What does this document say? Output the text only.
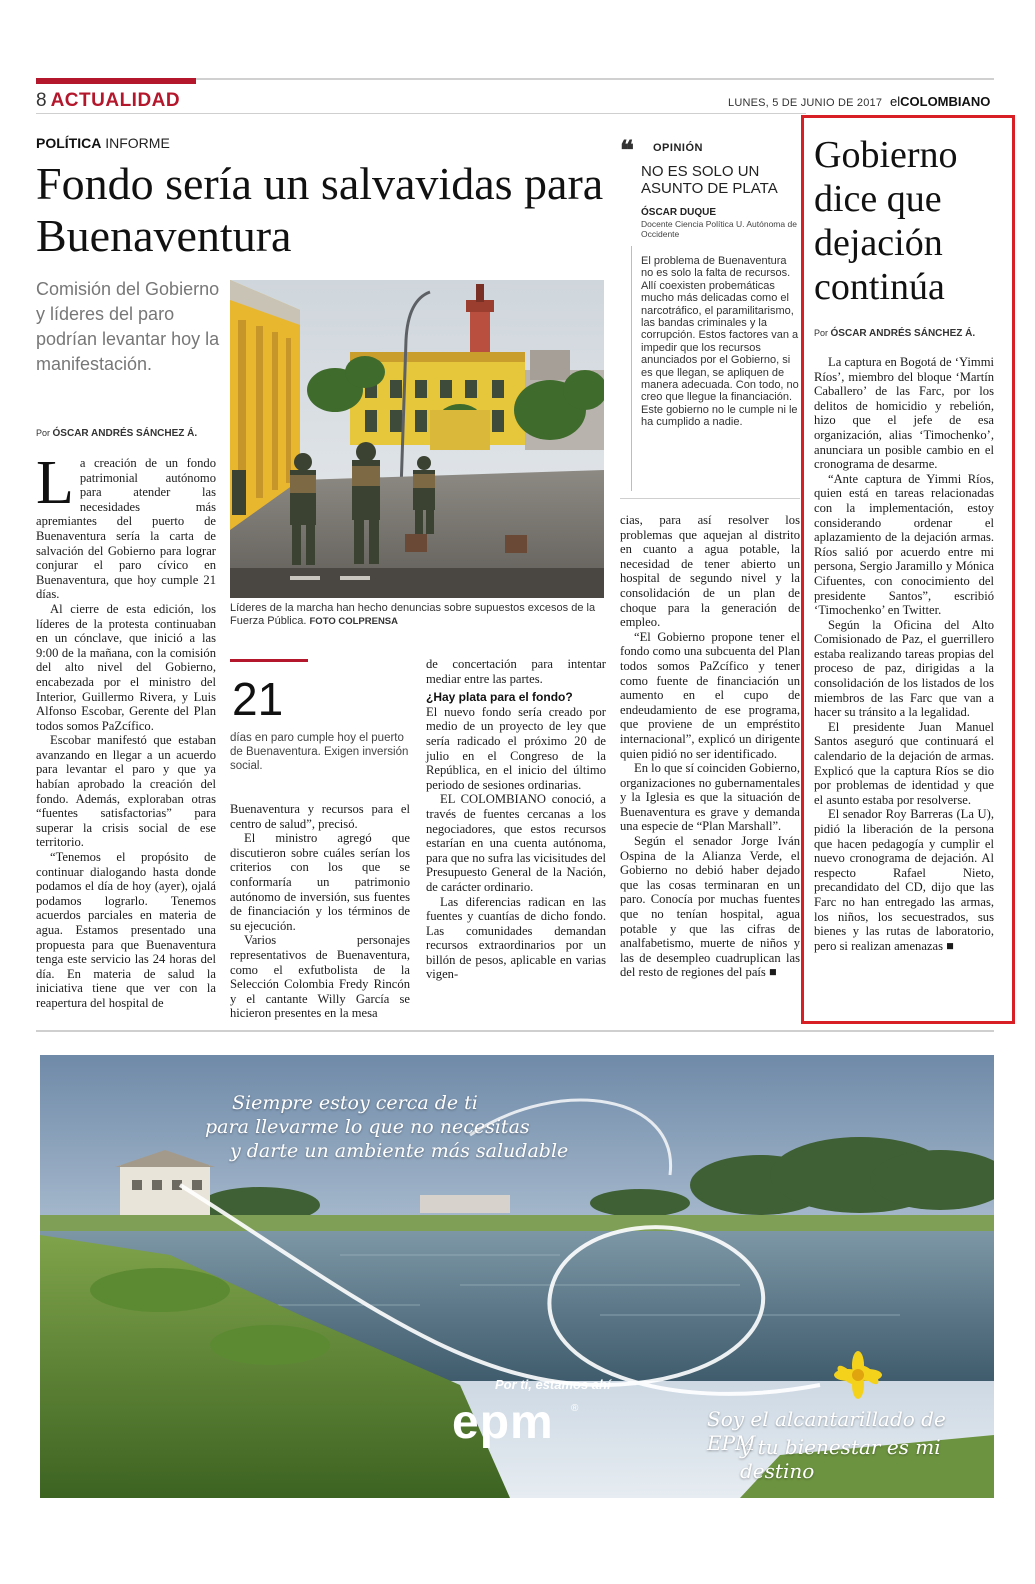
8 ACTUALIDAD	LUNES, 5 DE JUNIO DE 2017 elCOLOMBIANO
POLÍTICA INFORME
Fondo sería un salvavidas para Buenaventura
Comisión del Gobierno y líderes del paro podrían levantar hoy la manifestación.
Por ÓSCAR ANDRÉS SÁNCHEZ Á.
L a creación de un fondo patrimonial autónomo para atender las necesidades más apremiantes del puerto de Buenaventura sería la carta de salvación del Gobierno para lograr conjurar el paro cívico en Buenaventura, que hoy cumple 21 días.

Al cierre de esta edición, los líderes de la protesta continuaban en un cónclave, que inició a las 9:00 de la mañana, con la comisión del alto nivel del Gobierno, encabezada por el ministro del Interior, Guillermo Rivera, y Luis Alfonso Escobar, Gerente del Plan todos somos PaZcífico.

Escobar manifestó que estaban avanzando en llegar a un acuerdo para levantar el paro y que ya habían aprobado la creación del fondo. Además, exploraban otras “fuentes satisfactorias” para superar la crisis social de ese territorio.

“Tenemos el propósito de continuar dialogando hasta donde podamos el día de hoy (ayer), ojalá podamos lograrlo. Tenemos acuerdos parciales en materia de agua. Estamos presentado una propuesta para que Buenaventura tenga este servicio las 24 horas del día. En materia de salud la iniciativa tiene que ver con la reapertura del hospital de

Líderes de la marcha han hecho denuncias sobre supuestos excesos de la Fuerza Pública. FOTO COLPRENSA
21
días en paro cumple hoy el puerto de Buenaventura. Exigen inversión social.

Buenaventura y recursos para el centro de salud”, precisó.

El ministro agregó que discutieron sobre cuáles serían los criterios con los que se conformaría un patrimonio autónomo de inversión, sus fuentes de financiación y los términos de su ejecución.

Varios personajes representativos de Buenaventura, como el exfutbolista de la Selección Colombia Fredy Rincón y el cantante Willy García se hicieron presentes en la mesa

de concertación para intentar mediar entre las partes.

¿Hay plata para el fondo?

El nuevo fondo sería creado por medio de un proyecto de ley que sería radicado el próximo 20 de julio en el Congreso de la República, en el inicio del último periodo de sesiones ordinarias.

EL COLOMBIANO conoció, a través de fuentes cercanas a los negociadores, que estos recursos estarían en una cuenta autónoma, para que no sufra las vicisitudes del Presupuesto General de la Nación, de carácter ordinario.

Las diferencias radican en las fuentes y cuantías de dicho fondo. Las comunidades demandan recursos extraordinarios por un billón de pesos, aplicable en varias vigen-

❝ OPINIÓN
NO ES SOLO UN ASUNTO DE PLATA
ÓSCAR DUQUE
Docente Ciencia Política U. Autónoma de Occidente
El problema de Buenaventura no es solo la falta de recursos. Allí coexisten probemáticas mucho más delicadas como el narcotráfico, el paramilitarismo, las bandas criminales y la corrupción. Estos factores van a impedir que los recursos anunciados por el Gobierno, si es que llegan, se apliquen de manera adecuada. Con todo, no creo que llegue la financiación. Este gobierno no le cumple ni le ha cumplido a nadie.

cias, para así resolver los problemas que aquejan al distrito en cuanto a agua potable, la necesidad de tener abierto un hospital de segundo nivel y la consolidación de un plan de choque para la generación de empleo.

“El Gobierno propone tener el fondo como una subcuenta del Plan todos somos PaZcífico y tener como fuente de financiación un aumento en el cupo de endeudamiento de ese programa, que proviene de un empréstito internacional”, explicó un dirigente quien pidió no ser identificado.

En lo que sí coinciden Gobierno, organizaciones no gubernamentales y la Iglesia es que la situación de Buenaventura es grave y demanda una especie de “Plan Marshall”.

Según el senador Jorge Iván Ospina de la Alianza Verde, el Gobierno no debió haber dejado que las cosas terminaran en un paro. Conocía por muchas fuentes que no tenían hospital, agua potable y que las cifras de analfabetismo, muerte de niños y las de desempleo cuadruplican las del resto de regiones del país ■

Gobierno dice que dejación continúa
Por ÓSCAR ANDRÉS SÁNCHEZ Á.

La captura en Bogotá de ‘Yimmi Ríos’, miembro del bloque ‘Martín Caballero’ de las Farc, por los delitos de homicidio y rebelión, hizo que el jefe de esa organización, alias ‘Timochenko’, anunciara un posible cambio en el cronograma de desarme.

“Ante captura de Yimmi Ríos, quien está en tareas relacionadas con la implementación, estoy considerando ordenar el aplazamiento de la dejación armas. Ríos salió por acuerdo entre mi persona, Sergio Jaramillo y Mónica Cifuentes, con conocimiento del presidente Santos”, escribió ‘Timochenko’ en Twitter.

Según la Oficina del Alto Comisionado de Paz, el guerrillero estaba realizando tareas propias del proceso de paz, dirigidas a la consolidación de los listados de los miembros de las Farc que van a hacer su tránsito a la legalidad.

El presidente Juan Manuel Santos aseguró que continuará el calendario de la dejación de armas. Explicó que la captura Ríos se dio por problemas de identidad y que el asunto estaba por resolverse.

El senador Roy Barreras (La U), pidió la liberación de la persona que hacen pedagogía y cumplir el nuevo cronograma de dejación. Al respecto Rafael Nieto, precandidato del CD, dijo que las Farc no han entregado las armas, los niños, los secuestrados, sus bienes y las rutas de laboratorio, pero si realizan amenazas ■

Siempre estoy cerca de ti
para llevarme lo que no necesitas
y darte un ambiente más saludable
Por ti, estamos ahí
epm ®	Soy el alcantarillado de EPM
y tu bienestar es mi destino
